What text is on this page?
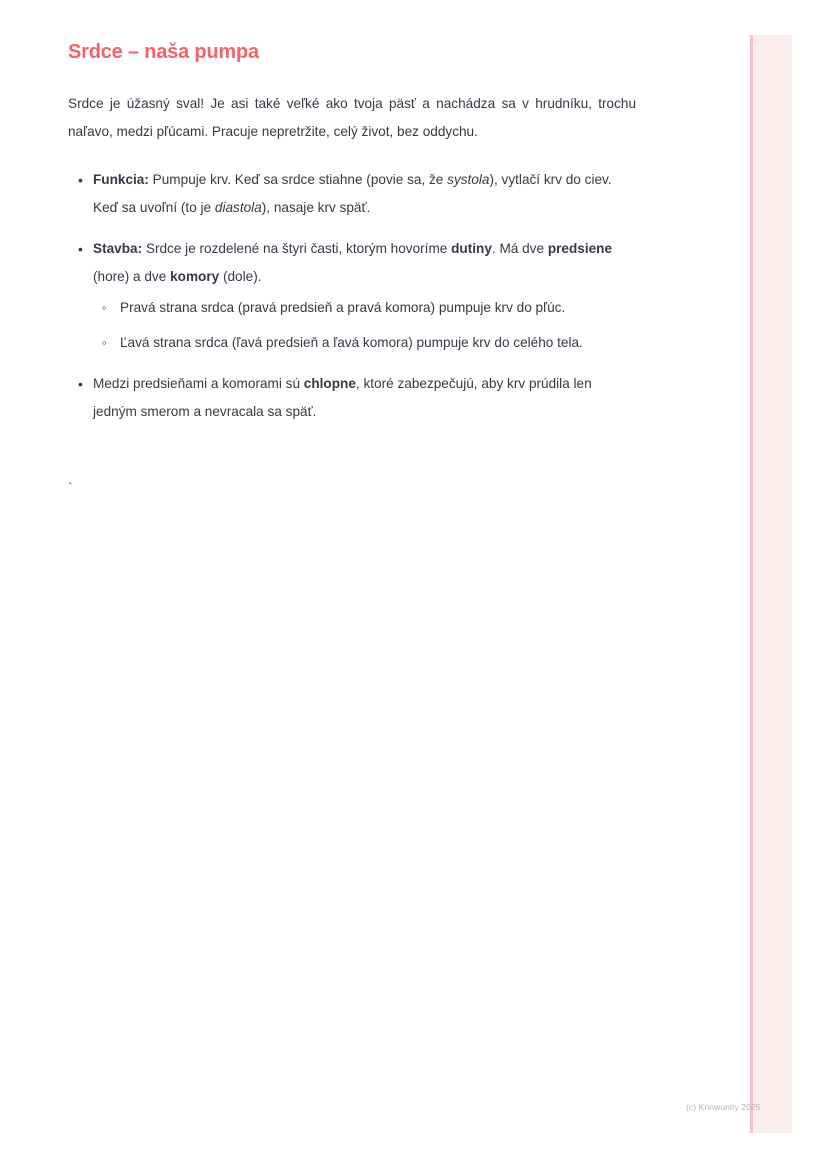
Srdce – naša pumpa

Srdce je úžasný sval! Je asi také veľké ako tvoja päsť a nachádza sa v hrudníku, trochu naľavo, medzi pľúcami. Pracuje nepretržite, celý život, bez oddychu.

• Funkcia: Pumpuje krv. Keď sa srdce stiahne (povie sa, že systola), vytlačí krv do ciev. Keď sa uvoľní (to je diastola), nasaje krv späť.
• Stavba: Srdce je rozdelené na štyri časti, ktorým hovoríme dutiny. Má dve predsiene (hore) a dve komory (dole).
◦ Pravá strana srdca (pravá predsieň a pravá komora) pumpuje krv do pľúc.
◦ Ľavá strana srdca (ľavá predsieň a ľavá komora) pumpuje krv do celého tela.
• Medzi predsieňami a komorami sú chlopne, ktoré zabezpečujú, aby krv prúdila len jedným smerom a nevracala sa späť.
`
(c) Knowunity 2025
